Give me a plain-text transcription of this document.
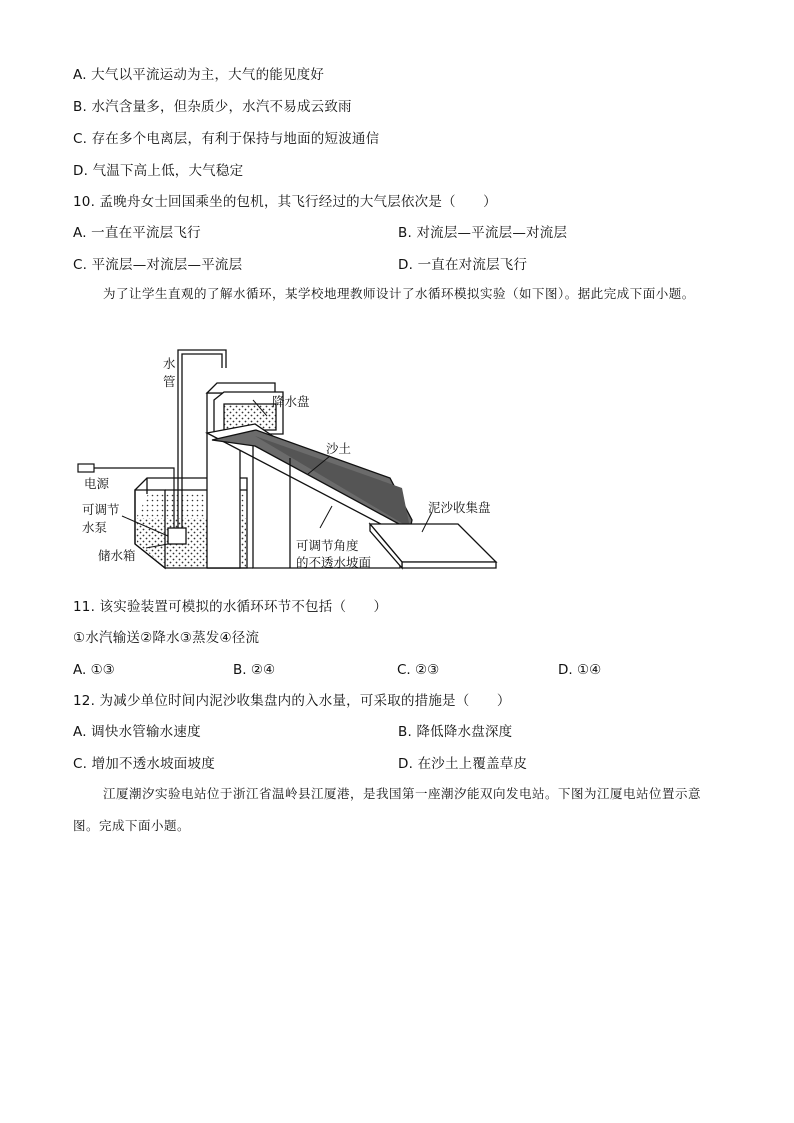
A. 大气以平流运动为主，大气的能见度好
B. 水汽含量多，但杂质少，水汽不易成云致雨
C. 存在多个电离层，有利于保持与地面的短波通信
D. 气温下高上低，大气稳定
10. 孟晚舟女士回国乘坐的包机，其飞行经过的大气层依次是（　　）
A. 一直在平流层飞行	B. 对流层—平流层—对流层
C. 平流层—对流层—平流层	D. 一直在对流层飞行
为了让学生直观的了解水循环，某学校地理教师设计了水循环模拟实验（如下图）。据此完成下面小题。
水
管
降水盘
沙土
电源
可调节
水泵
储水箱
可调节角度
的不透水坡面
泥沙收集盘
11. 该实验装置可模拟的水循环环节不包括（　　）
①水汽输送②降水③蒸发④径流
A. ①③	B. ②④	C. ②③	D. ①④
12. 为减少单位时间内泥沙收集盘内的入水量，可采取的措施是（　　）
A. 调快水管输水速度	B. 降低降水盘深度
C. 增加不透水坡面坡度	D. 在沙土上覆盖草皮
江厦潮汐实验电站位于浙江省温岭县江厦港，是我国第一座潮汐能双向发电站。下图为江厦电站位置示意图。完成下面小题。
